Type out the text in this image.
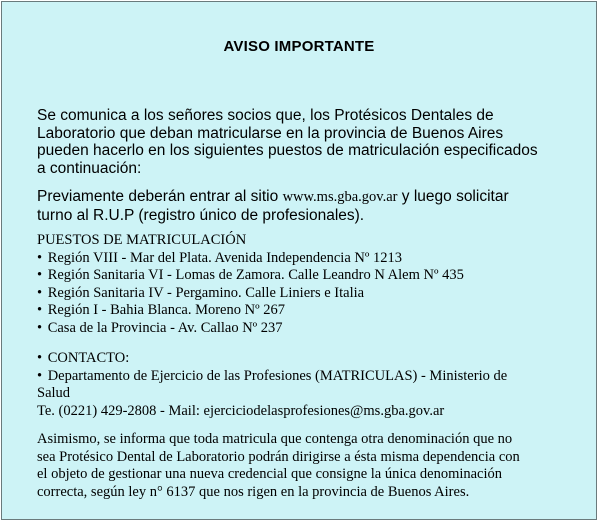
AVISO IMPORTANTE
Se comunica a los señores socios que, los Protésicos Dentales de
Laboratorio que deban matricularse en la provincia de Buenos Aires
pueden hacerlo en los siguientes puestos de matriculación especificados
a continuación:
Previamente deberán entrar al sitio www.ms.gba.gov.ar y luego solicitar
turno al R.U.P (registro único de profesionales).
PUESTOS DE MATRICULACIÓN
• Región VIII - Mar del Plata. Avenida Independencia Nº 1213
• Región Sanitaria VI - Lomas de Zamora. Calle Leandro N Alem Nº 435
• Región Sanitaria IV - Pergamino. Calle Liniers e Italia
• Región I - Bahia Blanca. Moreno Nº 267
• Casa de la Provincia - Av. Callao Nº 237
• CONTACTO:
• Departamento de Ejercicio de las Profesiones (MATRICULAS) - Ministerio de
Salud
Te. (0221) 429-2808 - Mail: ejerciciodelasprofesiones@ms.gba.gov.ar
Asimismo, se informa que toda matricula que contenga otra denominación que no
sea Protésico Dental de Laboratorio podrán dirigirse a ésta misma dependencia con
el objeto de gestionar una nueva credencial que consigne la única denominación
correcta, según ley n° 6137 que nos rigen en la provincia de Buenos Aires.
